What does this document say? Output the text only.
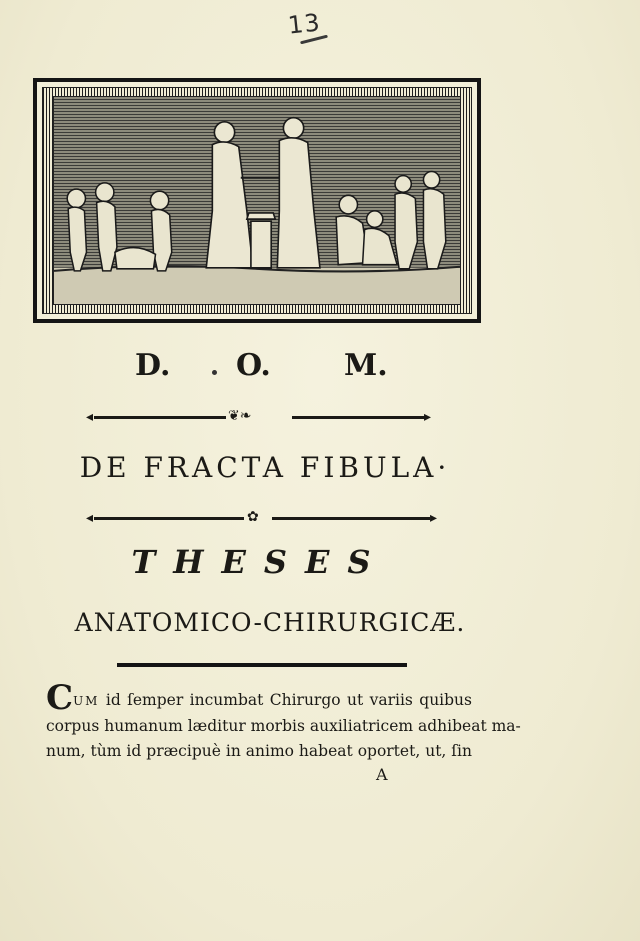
13
D. O. M.
❦❧
◂	▸
DE FRACTA FIBULA·
✿
◂	▸
THESES
ANATOMICO-CHIRURGICÆ.
CUM id ſemper incumbat Chirurgo ut variis quibus
corpus humanum læditur morbis auxiliatricem adhibeat ma-
num, tùm id præcipuè in animo habeat oportet, ut, ſin
A
